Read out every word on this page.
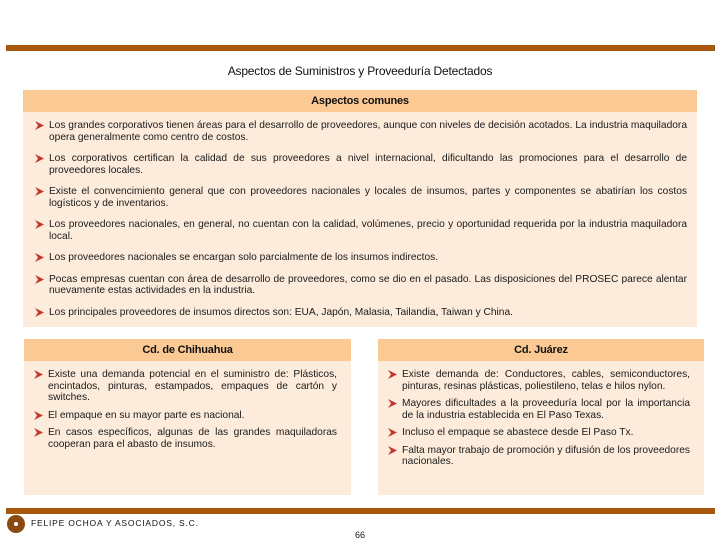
Aspectos de Suministros y Proveeduría Detectados
Aspectos comunes
Los grandes corporativos tienen áreas para el desarrollo de proveedores, aunque con niveles de decisión acotados. La industria maquiladora opera generalmente como centro de costos.
Los corporativos certifican la calidad de sus proveedores a nivel internacional, dificultando las promociones para el desarrollo de proveedores locales.
Existe el convencimiento general que con proveedores nacionales y locales de insumos, partes y componentes se abatirían los costos logísticos y de inventarios.
Los proveedores nacionales, en general, no cuentan con la calidad, volúmenes, precio y oportunidad requerida por la industria maquiladora local.
Los proveedores nacionales se encargan solo parcialmente de los insumos indirectos.
Pocas empresas cuentan con área de desarrollo de proveedores, como se dio en el pasado. Las disposiciones del PROSEC parece alentar nuevamente estas actividades en la industria.
Los principales proveedores de insumos directos son: EUA, Japón, Malasia, Tailandia, Taiwan y China.
Cd. de Chihuahua
Existe una demanda potencial en el suministro de: Plásticos, encintados, pinturas, estampados, empaques de cartón y switches.
El empaque en su mayor parte es nacional.
En casos específicos, algunas de las grandes maquiladoras cooperan para el abasto de insumos.
Cd. Juárez
Existe demanda de: Conductores, cables, semiconductores, pinturas, resinas plásticas, poliestileno, telas e hilos nylon.
Mayores dificultades a la proveeduría local por la importancia de la industria establecida en El Paso Texas.
Incluso el empaque se abastece desde El Paso Tx.
Falta mayor trabajo de promoción y difusión de los proveedores nacionales.
FELIPE OCHOA Y ASOCIADOS, S.C.
66
